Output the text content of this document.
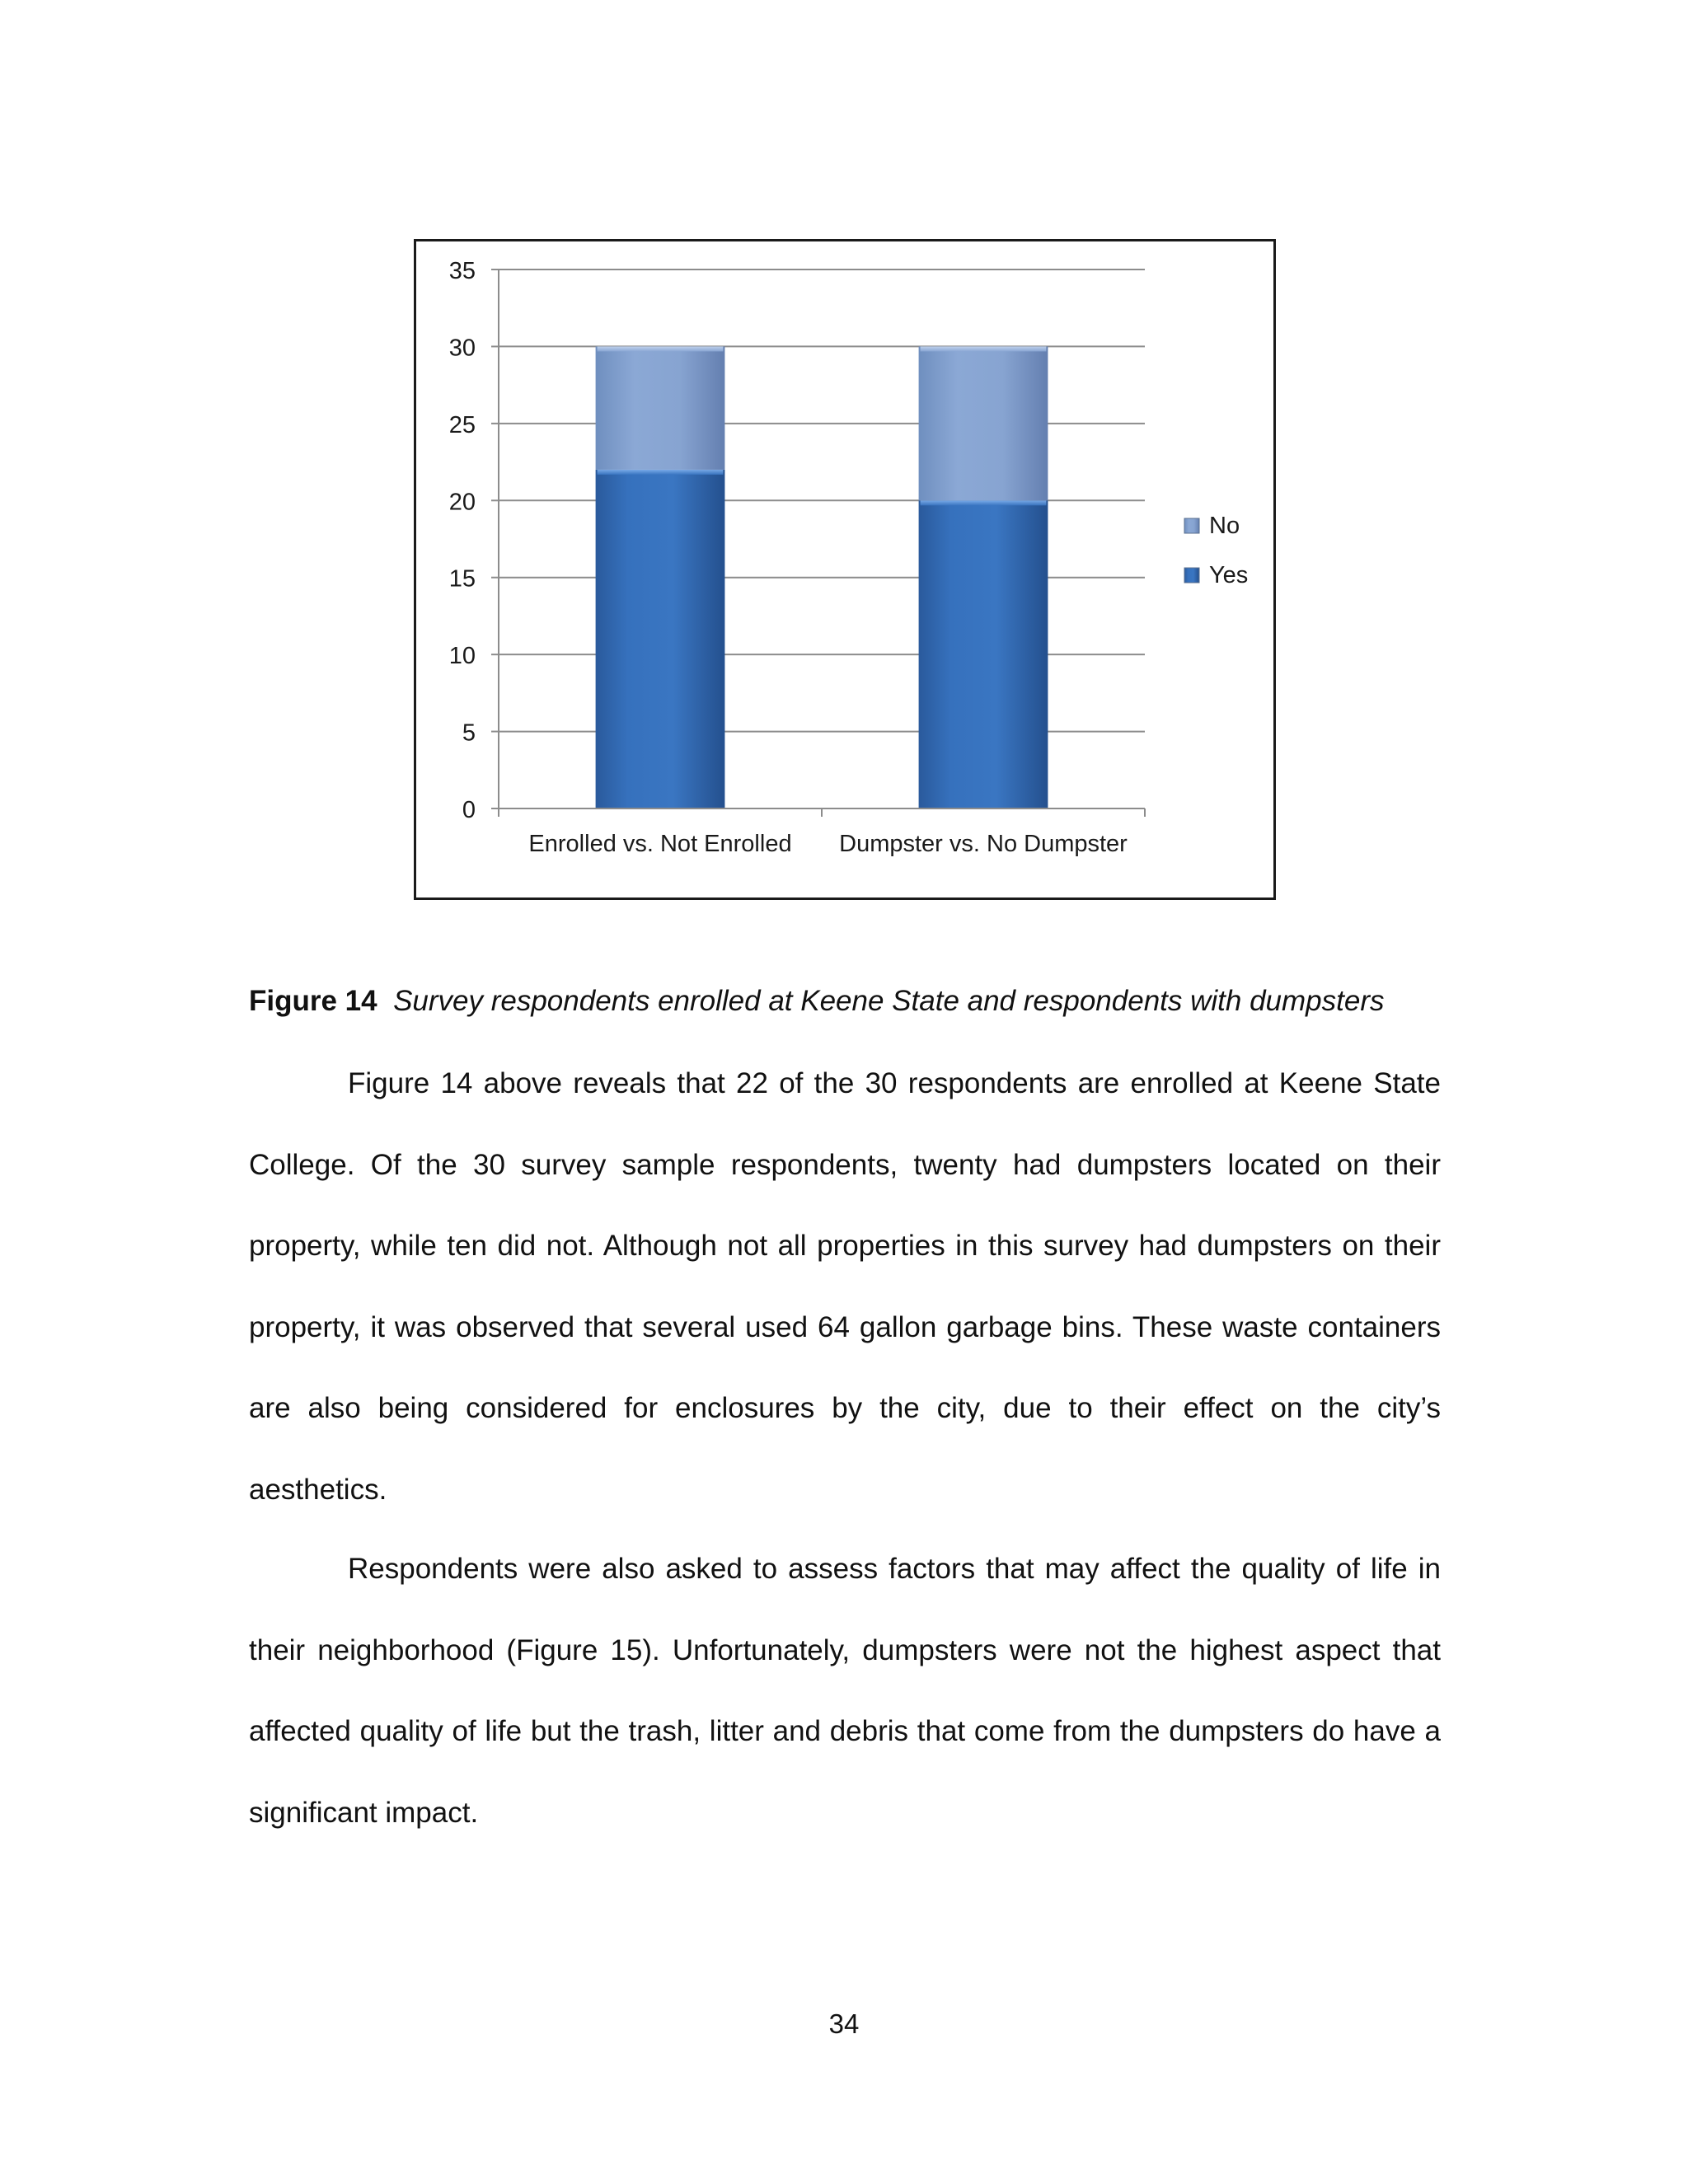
0
5
10
15
20
25
30
35
Enrolled vs. Not Enrolled Dumpster vs. No Dumpster
No
Yes
Figure 14 Survey respondents enrolled at Keene State and respondents with dumpsters

Figure 14 above reveals that 22 of the 30 respondents are enrolled at Keene State College. Of the 30 survey sample respondents, twenty had dumpsters located on their property, while ten did not. Although not all properties in this survey had dumpsters on their property, it was observed that several used 64 gallon garbage bins. These waste containers are also being considered for enclosures by the city, due to their effect on the city’s aesthetics.

Respondents were also asked to assess factors that may affect the quality of life in their neighborhood (Figure 15). Unfortunately, dumpsters were not the highest aspect that affected quality of life but the trash, litter and debris that come from the dumpsters do have a significant impact.

34
